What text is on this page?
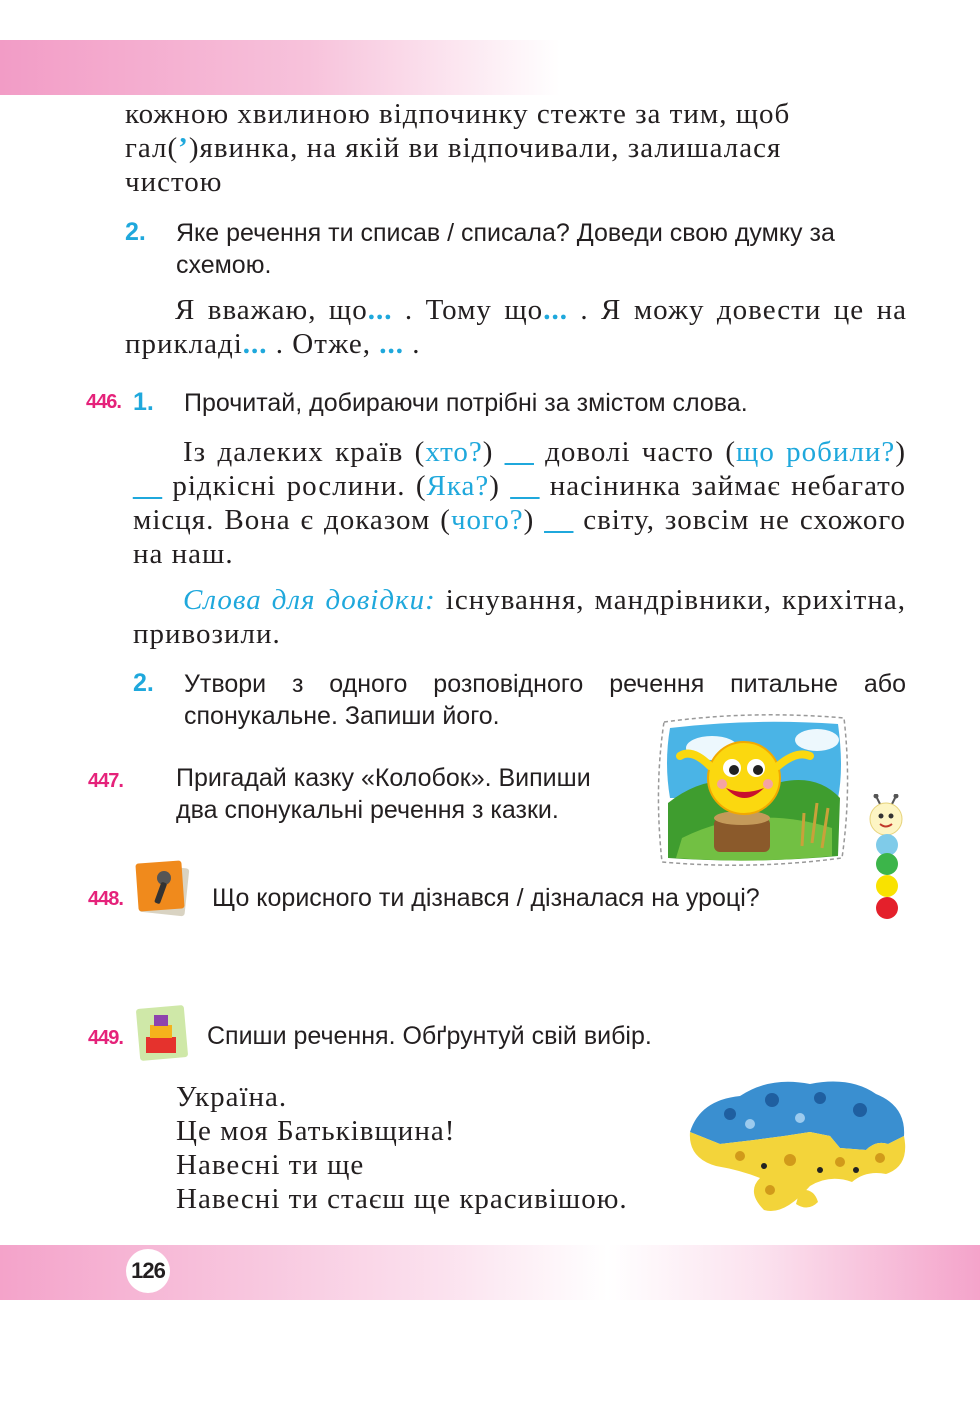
кожною хвилиною відпочинку стежте за тим, щоб
гал(’)явинка, на якій ви відпочивали, залишалася
чистою

2. Яке речення ти списав / списала? Доведи свою думку за схемою.

Я вважаю, що... . Тому що... . Я можу довести це на прикладі... . Отже, ... .

446. 1. Прочитай, добираючи потрібні за змістом слова.

Із далеких країв (хто?) __ доволі часто (що робили?) __ рідкісні рослини. (Яка?) __ насінинка займає небагато місця. Вона є доказом (чого?) __ світу, зовсім не схожого на наш.

Слова для довідки: існування, мандрівники, крихітна, привозили.

2. Утвори з одного розповідного речення питальне або спонукальне. Запиши його.

447. Пригадай казку «Колобок». Випиши два спонукальні речення з казки.

448.	Що корисного ти дізнався / дізналася на уроці?

449.	Спиши речення. Обґрунтуй свій вибір.

Україна.
Це моя Батьківщина!
Навесні ти ще
Навесні ти стаєш ще красивішою.
126
